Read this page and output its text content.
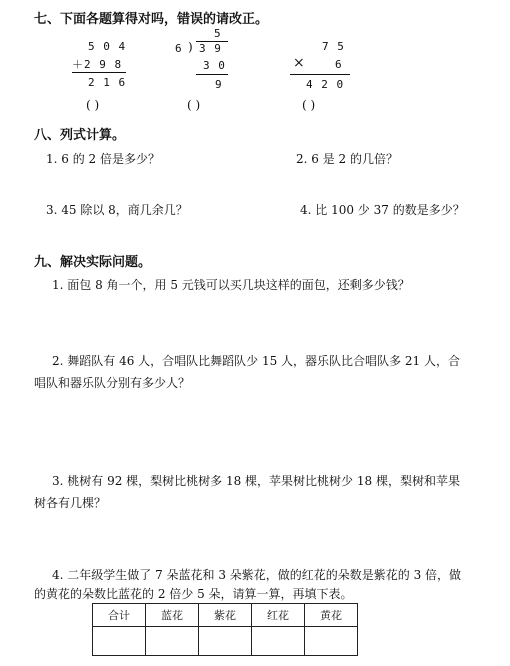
七、下面各题算得对吗，错误的请改正。
5 0 4
＋2 9 8
2 1 6
( )
5
6 ) 3 9
3 0
9
( )
7 5
×	6
4 2 0
( )
八、列式计算。
1. 6 的 2 倍是多少？	2. 6 是 2 的几倍？
3. 45 除以 8，商几余几？	4. 比 100 少 37 的数是多少？
九、解决实际问题。
1. 面包 8 角一个，用 5 元钱可以买几块这样的面包，还剩多少钱？
2. 舞蹈队有 46 人，合唱队比舞蹈队少 15 人，器乐队比合唱队多 21 人，合
唱队和器乐队分别有多少人？
3. 桃树有 92 棵，梨树比桃树多 18 棵，苹果树比桃树少 18 棵，梨树和苹果
树各有几棵？
4. 二年级学生做了 7 朵蓝花和 3 朵紫花，做的红花的朵数是紫花的 3 倍，做
的黄花的朵数比蓝花的 2 倍少 5 朵，请算一算，再填下表。
合计	蓝花	紫花	红花	黄花
